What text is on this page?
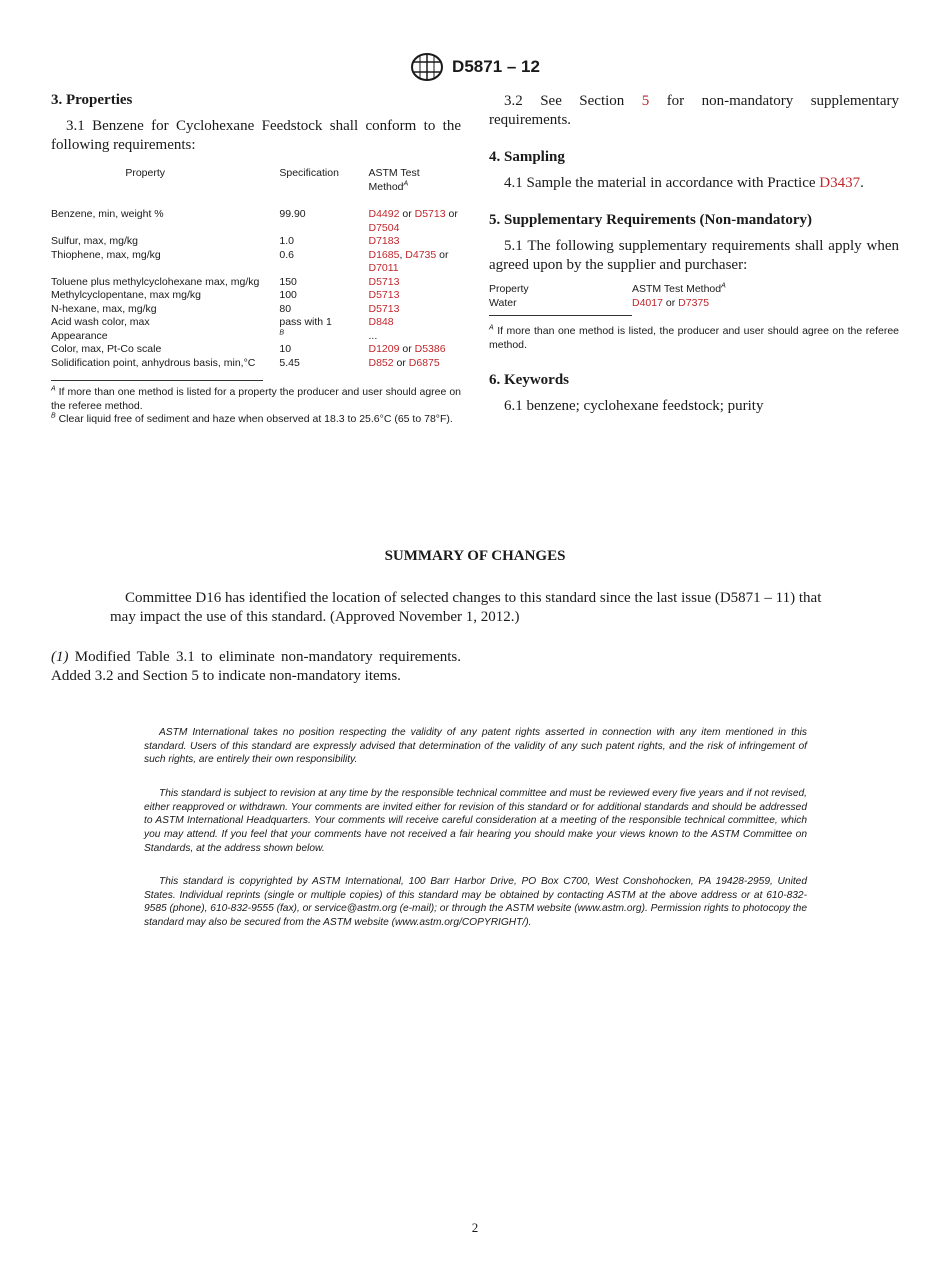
D5871 – 12
3. Properties

3.1 Benzene for Cyclohexane Feedstock shall conform to the following requirements:

Property	Specification	ASTM Test Method$^A$
Benzene, min, weight %	99.90	D4492 or D5713 or D7504
Sulfur, max, mg/kg	1.0	D7183
Thiophene, max, mg/kg	0.6	D1685, D4735 or D7011
Toluene plus methylcyclohexane max, mg/kg	150	D5713
Methylcyclopentane, max mg/kg	100	D5713
N-hexane, max, mg/kg	80	D5713
Acid wash color, max	pass with 1	D848
Appearance	$^B$	...
Color, max, Pt-Co scale	10	D1209 or D5386
Solidification point, anhydrous basis, min,°C	5.45	D852 or D6875
$^A$ If more than one method is listed for a property the producer and user should agree on the referee method.
$^B$ Clear liquid free of sediment and haze when observed at 18.3 to 25.6°C (65 to 78°F).

3.2 See Section 5 for non-mandatory supplementary requirements.

4. Sampling

4.1 Sample the material in accordance with Practice D3437.

5. Supplementary Requirements (Non-mandatory)

5.1 The following supplementary requirements shall apply when agreed upon by the supplier and purchaser:

Property	ASTM Test Method$^A$
Water	D4017 or D7375
$^A$ If more than one method is listed, the producer and user should agree on the referee method.
6. Keywords

6.1 benzene; cyclohexane feedstock; purity

SUMMARY OF CHANGES
Committee D16 has identified the location of selected changes to this standard since the last issue (D5871 – 11) that may impact the use of this standard. (Approved November 1, 2012.)
(1) Modified Table 3.1 to eliminate non-mandatory requirements. Added 3.2 and Section 5 to indicate non-mandatory items.

ASTM International takes no position respecting the validity of any patent rights asserted in connection with any item mentioned in this standard. Users of this standard are expressly advised that determination of the validity of any such patent rights, and the risk of infringement of such rights, are entirely their own responsibility.

This standard is subject to revision at any time by the responsible technical committee and must be reviewed every five years and if not revised, either reapproved or withdrawn. Your comments are invited either for revision of this standard or for additional standards and should be addressed to ASTM International Headquarters. Your comments will receive careful consideration at a meeting of the responsible technical committee, which you may attend. If you feel that your comments have not received a fair hearing you should make your views known to the ASTM Committee on Standards, at the address shown below.

This standard is copyrighted by ASTM International, 100 Barr Harbor Drive, PO Box C700, West Conshohocken, PA 19428-2959, United States. Individual reprints (single or multiple copies) of this standard may be obtained by contacting ASTM at the above address or at 610-832-9585 (phone), 610-832-9555 (fax), or service@astm.org (e-mail); or through the ASTM website (www.astm.org). Permission rights to photocopy the standard may also be secured from the ASTM website (www.astm.org/COPYRIGHT/).

2
